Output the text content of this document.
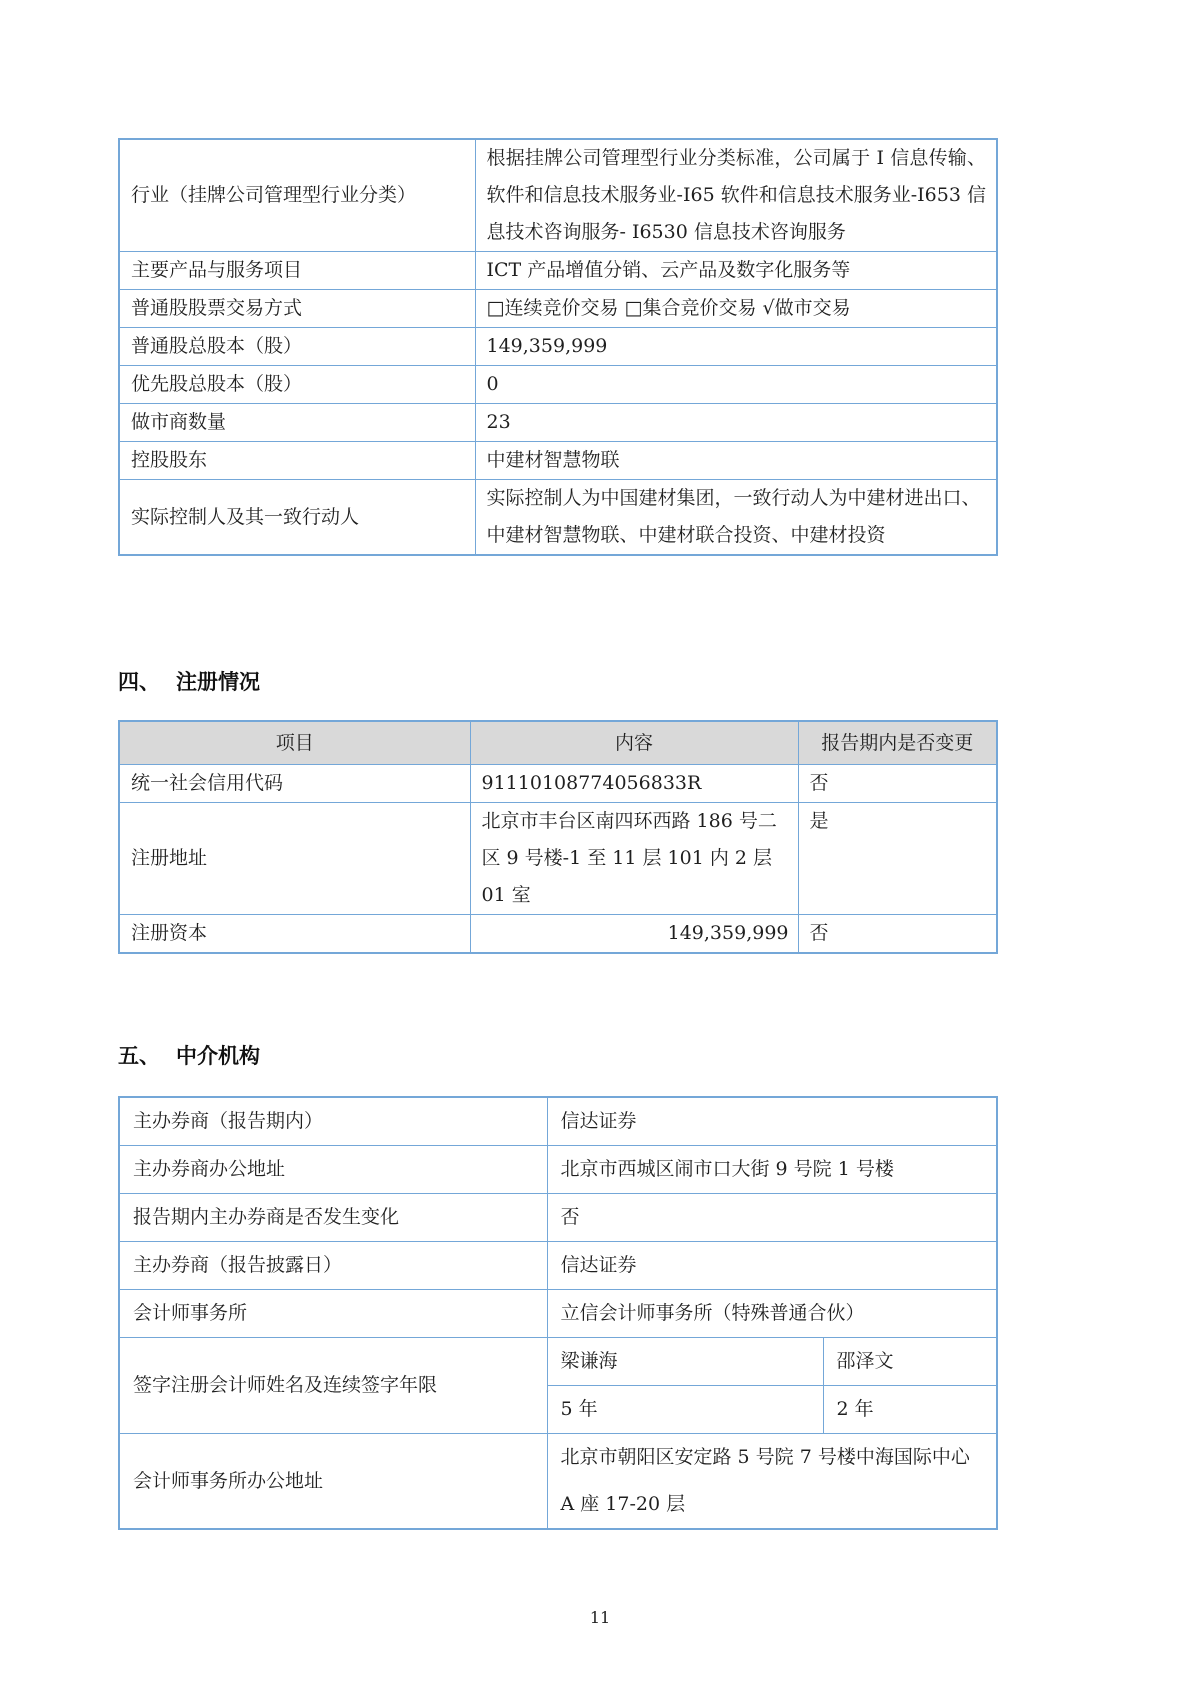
行业（挂牌公司管理型行业分类）	根据挂牌公司管理型行业分类标准，公司属于 I 信息传输、软件和信息技术服务业-I65 软件和信息技术服务业-I653 信息技术咨询服务- I6530 信息技术咨询服务
主要产品与服务项目	ICT 产品增值分销、云产品及数字化服务等
普通股股票交易方式	□连续竞价交易 □集合竞价交易 √做市交易
普通股总股本（股）	149,359,999
优先股总股本（股）	0
做市商数量	23
控股股东	中建材智慧物联
实际控制人及其一致行动人	实际控制人为中国建材集团，一致行动人为中建材进出口、中建材智慧物联、中建材联合投资、中建材投资
四、 注册情况
项目	内容	报告期内是否变更
统一社会信用代码	91110108774056833R	否
注册地址	北京市丰台区南四环西路 186 号二区 9 号楼-1 至 11 层 101 内 2 层 01 室	是
注册资本	149,359,999	否
五、 中介机构
主办券商（报告期内）	信达证券	
主办券商办公地址	北京市西城区闹市口大街 9 号院 1 号楼	
报告期内主办券商是否发生变化	否	
主办券商（报告披露日）	信达证券	
会计师事务所	立信会计师事务所（特殊普通合伙）	
签字注册会计师姓名及连续签字年限	梁谦海	邵泽文
	5 年	2 年
会计师事务所办公地址	北京市朝阳区安定路 5 号院 7 号楼中海国际中心 A 座 17-20 层	
11
